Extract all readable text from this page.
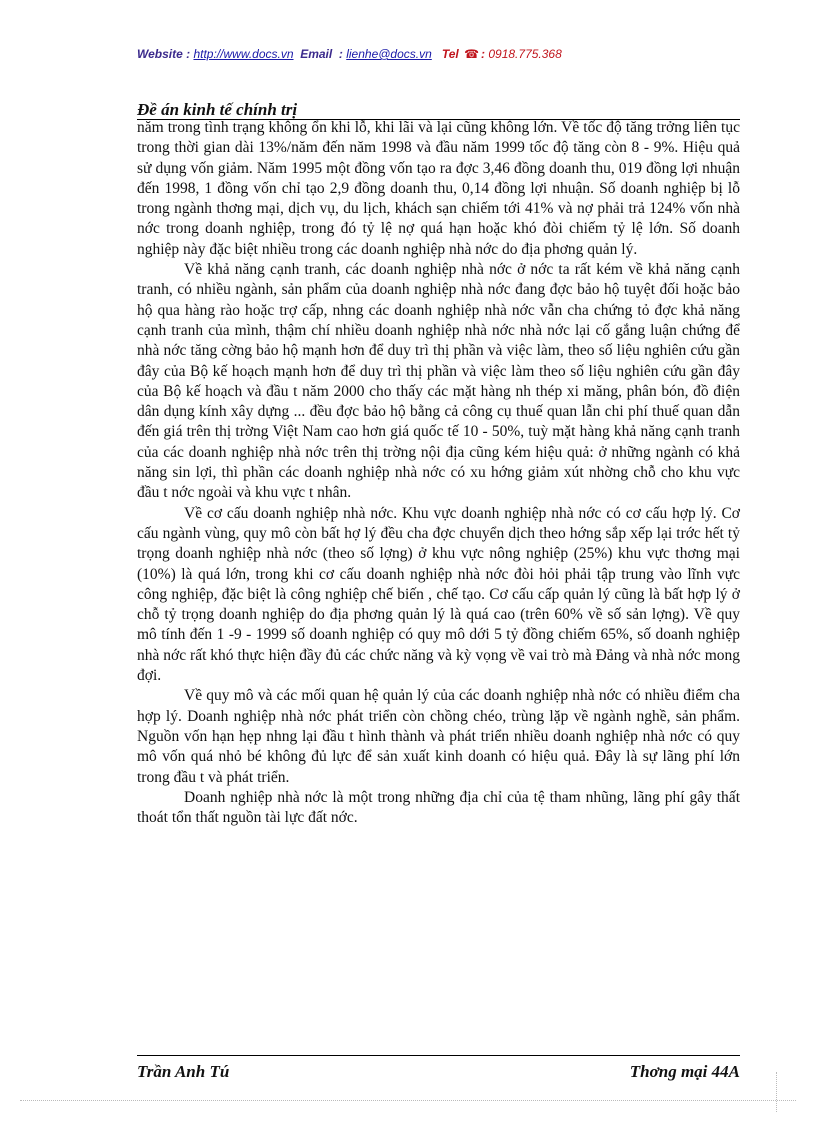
Website : http://www.docs.vn Email : lienhe@docs.vn Tel ☎ : 0918.775.368
Đề án kinh tế chính trị

năm trong tình trạng không ổn khi lỗ, khi lãi và lại cũng không lớn. Về tốc độ tăng trởng liên tục trong thời gian dài 13%/năm đến năm 1998 và đầu năm 1999 tốc độ tăng còn 8 - 9%. Hiệu quả sử dụng vốn giảm. Năm 1995 một đồng vốn tạo ra đợc 3,46 đồng doanh thu, 019 đồng lợi nhuận đến 1998, 1 đồng vốn chỉ tạo 2,9 đồng doanh thu, 0,14 đồng lợi nhuận. Số doanh nghiệp bị lỗ trong ngành thơng mại, dịch vụ, du lịch, khách sạn chiếm tới 41% và nợ phải trả 124% vốn nhà nớc trong doanh nghiệp, trong đó tỷ lệ nợ quá hạn hoặc khó đòi chiếm tỷ lệ lớn. Số doanh nghiệp này đặc biệt nhiều trong các doanh nghiệp nhà nớc do địa phơng quản lý.

Về khả năng cạnh tranh, các doanh nghiệp nhà nớc ở nớc ta rất kém về khả năng cạnh tranh, có nhiều ngành, sản phẩm của doanh nghiệp nhà nớc đang đợc bảo hộ tuyệt đối hoặc bảo hộ qua hàng rào hoặc trợ cấp, nhng các doanh nghiệp nhà nớc vẫn cha chứng tỏ đợc khả năng cạnh tranh của mình, thậm chí nhiều doanh nghiệp nhà nớc nhà nớc lại cố gắng luận chứng để nhà nớc tăng cờng bảo hộ mạnh hơn để duy trì thị phần và việc làm, theo số liệu nghiên cứu gần đây của Bộ kế hoạch mạnh hơn để duy trì thị phần và việc làm theo số liệu nghiên cứu gần đây của Bộ kế hoạch và đầu t năm 2000 cho thấy các mặt hàng nh thép xi măng, phân bón, đồ điện dân dụng kính xây dựng ... đều đợc bảo hộ bằng cả công cụ thuế quan lẫn chi phí thuế quan dẫn đến giá trên thị trờng Việt Nam cao hơn giá quốc tế 10 - 50%, tuỳ mặt hàng khả năng cạnh tranh của các doanh nghiệp nhà nớc trên thị trờng nội địa cũng kém hiệu quả: ở những ngành có khả năng sin lợi, thì phần các doanh nghiệp nhà nớc có xu hớng giảm xút nhờng chỗ cho khu vực đầu t nớc ngoài và khu vực t nhân.

Về cơ cấu doanh nghiệp nhà nớc. Khu vực doanh nghiệp nhà nớc có cơ cấu hợp lý. Cơ cấu ngành vùng, quy mô còn bất hợ lý đều cha đợc chuyển dịch theo hớng sắp xếp lại trớc hết tỷ trọng doanh nghiệp nhà nớc (theo số lợng) ở khu vực nông nghiệp (25%) khu vực thơng mại (10%) là quá lớn, trong khi cơ cấu doanh nghiệp nhà nớc đòi hỏi phải tập trung vào lĩnh vực công nghiệp, đặc biệt là công nghiệp chế biến , chế tạo. Cơ cấu cấp quản lý cũng là bất hợp lý ở chỗ tỷ trọng doanh nghiệp do địa phơng quản lý là quá cao (trên 60% về số sản lợng). Về quy mô tính đến 1 -9 - 1999 số doanh nghiệp có quy mô dới 5 tỷ đồng chiếm 65%, số doanh nghiệp nhà nớc rất khó thực hiện đầy đủ các chức năng và kỳ vọng về vai trò mà Đảng và nhà nớc mong đợi.

Về quy mô và các mối quan hệ quản lý của các doanh nghiệp nhà nớc có nhiều điểm cha hợp lý. Doanh nghiệp nhà nớc phát triển còn chồng chéo, trùng lặp về ngành nghề, sản phẩm. Nguồn vốn hạn hẹp nhng lại đầu t hình thành và phát triển nhiều doanh nghiệp nhà nớc có quy mô vốn quá nhỏ bé không đủ lực để sản xuất kinh doanh có hiệu quả. Đây là sự lãng phí lớn trong đầu t và phát triển.

Doanh nghiệp nhà nớc là một trong những địa chỉ của tệ tham nhũng, lãng phí gây thất thoát tổn thất nguồn tài lực đất nớc.

Trần Anh Tú	Thơng mại 44A
